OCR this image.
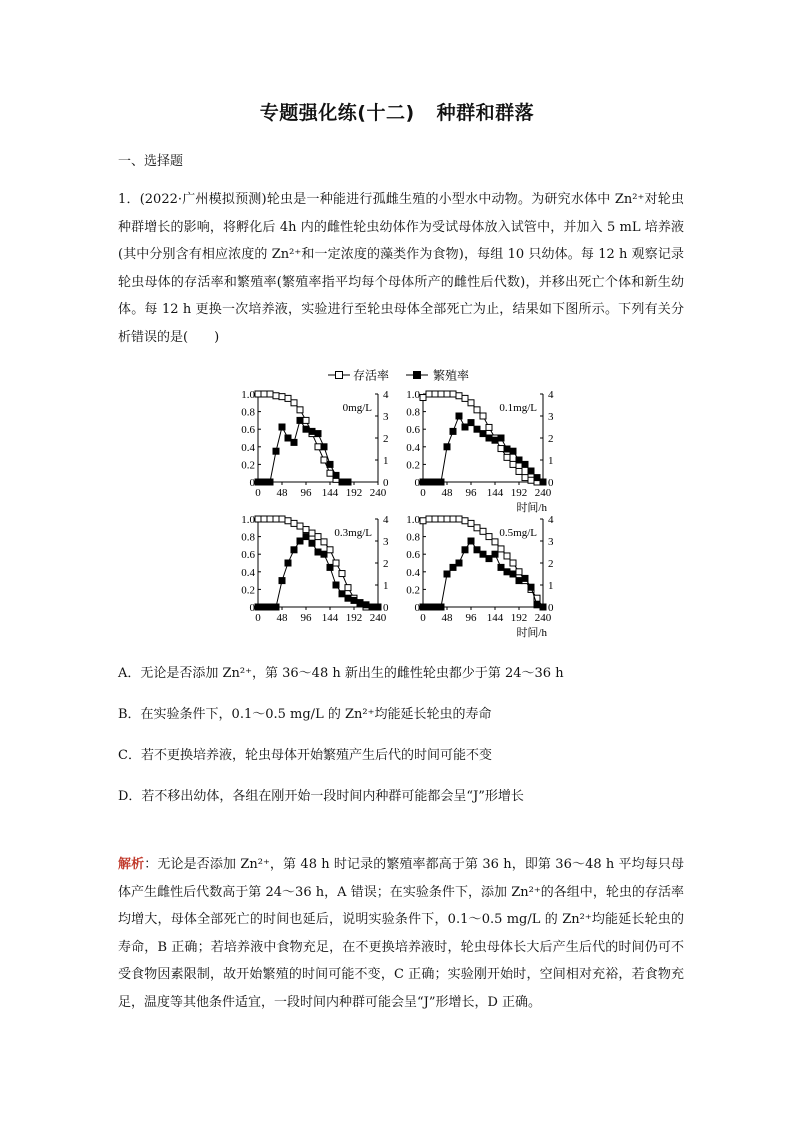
专题强化练(十二) 种群和群落
一、选择题

1．(2022·广州模拟预测)轮虫是一种能进行孤雌生殖的小型水中动物。为研究水体中 Zn²⁺对轮虫种群增长的影响，将孵化后 4h 内的雌性轮虫幼体作为受试母体放入试管中，并加入 5 mL 培养液(其中分别含有相应浓度的 Zn²⁺和一定浓度的藻类作为食物)，每组 10 只幼体。每 12 h 观察记录轮虫母体的存活率和繁殖率(繁殖率指平均每个母体所产的雌性后代数)，并移出死亡个体和新生幼体。每 12 h 更换一次培养液，实验进行至轮虫母体全部死亡为止，结果如下图所示。下列有关分析错误的是(　　)

存活率	繁殖率
0
0.2
0.4
0.6
0.8
1.0
0
1
2
3
4
0 48 96 144 192 240
0mg/L
0
0.2
0.4
0.6
0.8
1.0
0
1
2
3
4
0 48 96 144 192 240
时间/h
0.1mg/L
0
0.2
0.4
0.6
0.8
1.0
0
1
2
3
4
0 48 96 144 192 240
0.3mg/L
0
0.2
0.4
0.6
0.8
1.0
0
1
2
3
4
0 48 96 144 192 240
时间/h
0.5mg/L

A．无论是否添加 Zn²⁺，第 36～48 h 新出生的雌性轮虫都少于第 24～36 h

B．在实验条件下，0.1～0.5 mg/L 的 Zn²⁺均能延长轮虫的寿命

C．若不更换培养液，轮虫母体开始繁殖产生后代的时间可能不变

D．若不移出幼体，各组在刚开始一段时间内种群可能都会呈“J”形增长

解析：无论是否添加 Zn²⁺，第 48 h 时记录的繁殖率都高于第 36 h，即第 36～48 h 平均每只母体产生雌性后代数高于第 24～36 h，A 错误；在实验条件下，添加 Zn²⁺的各组中，轮虫的存活率均增大，母体全部死亡的时间也延后，说明实验条件下，0.1～0.5 mg/L 的 Zn²⁺均能延长轮虫的寿命，B 正确；若培养液中食物充足，在不更换培养液时，轮虫母体长大后产生后代的时间仍可不受食物因素限制，故开始繁殖的时间可能不变，C 正确；实验刚开始时，空间相对充裕，若食物充足，温度等其他条件适宜，一段时间内种群可能会呈“J”形增长，D 正确。
